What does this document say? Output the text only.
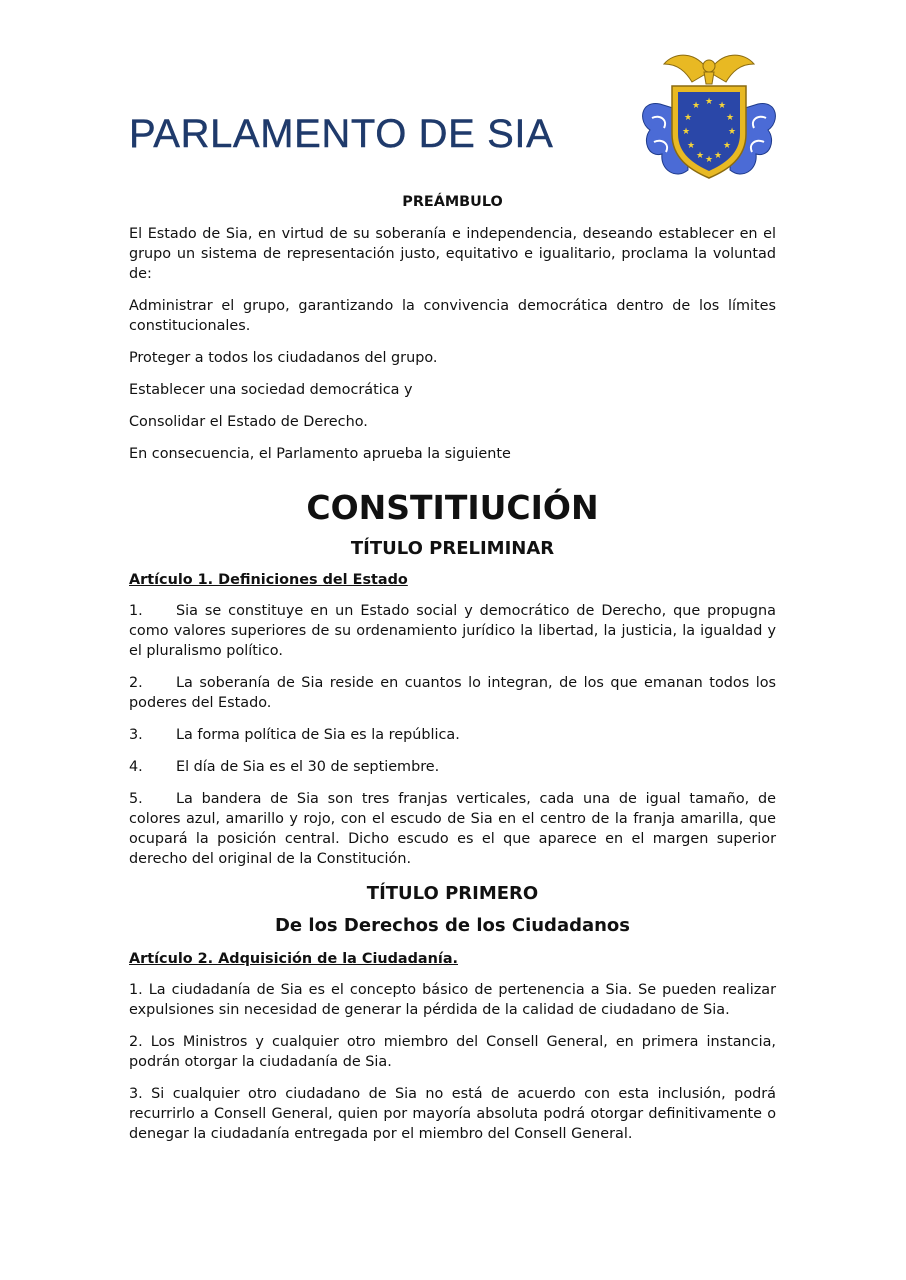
PARLAMENTO DE SIA
★ ★
★
★
★
★
★
★
★
★
★
★
PREÁMBULO

El Estado de Sia, en virtud de su soberanía e independencia, deseando establecer en el grupo un sistema de representación justo, equitativo e igualitario, proclama la voluntad de:

Administrar el grupo, garantizando la convivencia democrática dentro de los límites constitucionales.

Proteger a todos los ciudadanos del grupo.

Establecer una sociedad democrática y

Consolidar el Estado de Derecho.

En consecuencia, el Parlamento aprueba la siguiente

CONSTITIUCIÓN
TÍTULO PRELIMINAR
Artículo 1. Definiciones del Estado

1. Sia se constituye en un Estado social y democrático de Derecho, que propugna como valores superiores de su ordenamiento jurídico la libertad, la justicia, la igualdad y el pluralismo político.

2. La soberanía de Sia reside en cuantos lo integran, de los que emanan todos los poderes del Estado.

3. La forma política de Sia es la república.

4. El día de Sia es el 30 de septiembre.

5. La bandera de Sia son tres franjas verticales, cada una de igual tamaño, de colores azul, amarillo y rojo, con el escudo de Sia en el centro de la franja amarilla, que ocupará la posición central. Dicho escudo es el que aparece en el margen superior derecho del original de la Constitución.

TÍTULO PRIMERO
De los Derechos de los Ciudadanos
Artículo 2. Adquisición de la Ciudadanía.

1. La ciudadanía de Sia es el concepto básico de pertenencia a Sia. Se pueden realizar expulsiones sin necesidad de generar la pérdida de la calidad de ciudadano de Sia.

2. Los Ministros y cualquier otro miembro del Consell General, en primera instancia, podrán otorgar la ciudadanía de Sia.

3. Si cualquier otro ciudadano de Sia no está de acuerdo con esta inclusión, podrá recurrirlo a Consell General, quien por mayoría absoluta podrá otorgar definitivamente o denegar la ciudadanía entregada por el miembro del Consell General.
